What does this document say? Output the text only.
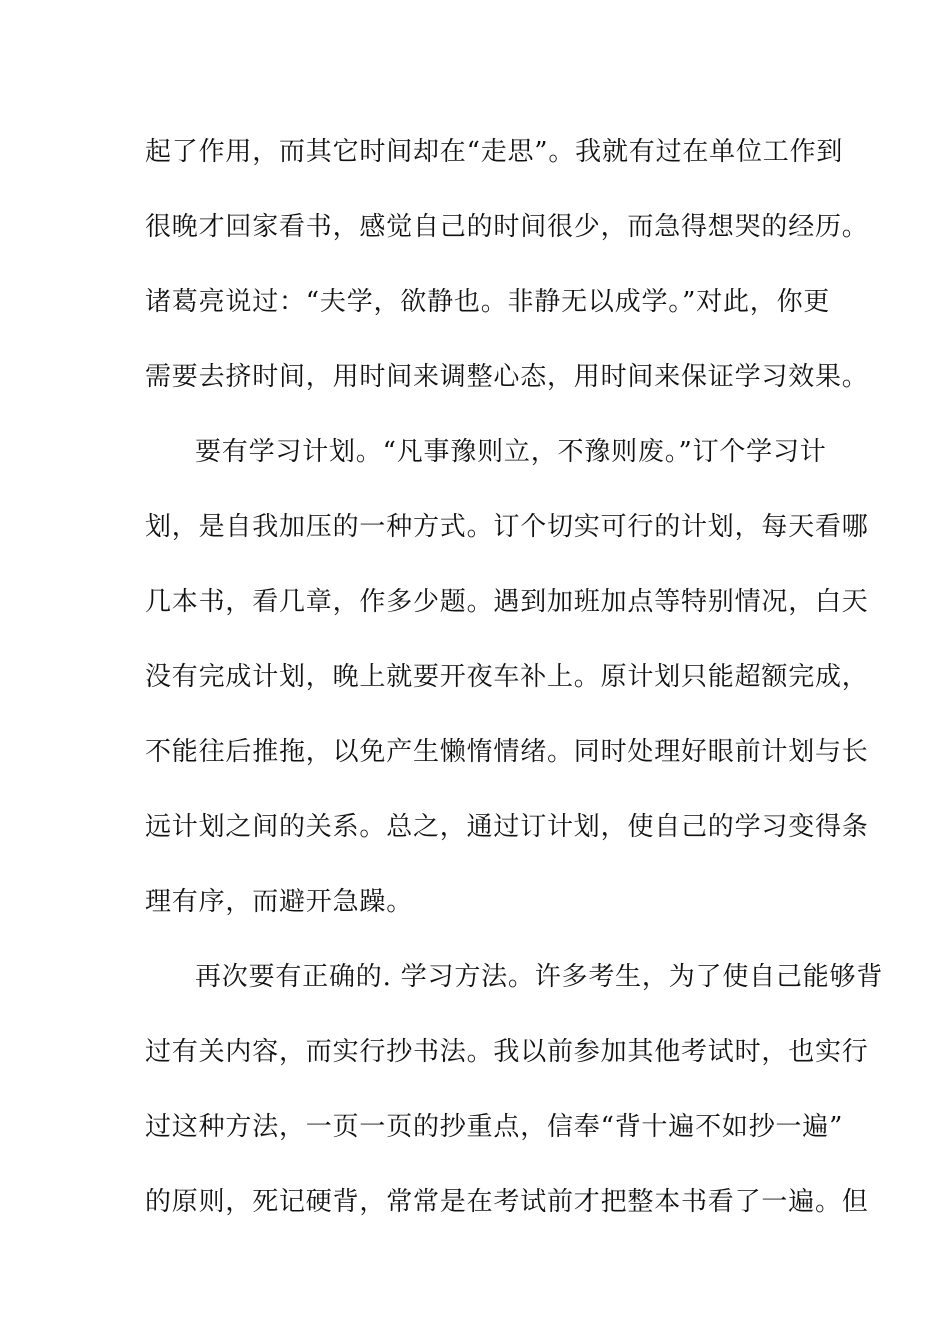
起了作用，而其它时间却在“走思”。我就有过在单位工作到
很晚才回家看书，感觉自己的时间很少，而急得想哭的经历。
诸葛亮说过：“夫学，欲静也。非静无以成学。”对此，你更
需要去挤时间，用时间来调整心态，用时间来保证学习效果。
要有学习计划。“凡事豫则立，不豫则废。”订个学习计
划，是自我加压的一种方式。订个切实可行的计划，每天看哪
几本书，看几章，作多少题。遇到加班加点等特别情况，白天
没有完成计划，晚上就要开夜车补上。原计划只能超额完成，
不能往后推拖，以免产生懒惰情绪。同时处理好眼前计划与长
远计划之间的关系。总之，通过订计划，使自己的学习变得条
理有序，而避开急躁。
再次要有正确的. 学习方法。许多考生，为了使自己能够背
过有关内容，而实行抄书法。我以前参加其他考试时，也实行
过这种方法，一页一页的抄重点，信奉“背十遍不如抄一遍”
的原则，死记硬背，常常是在考试前才把整本书看了一遍。但
